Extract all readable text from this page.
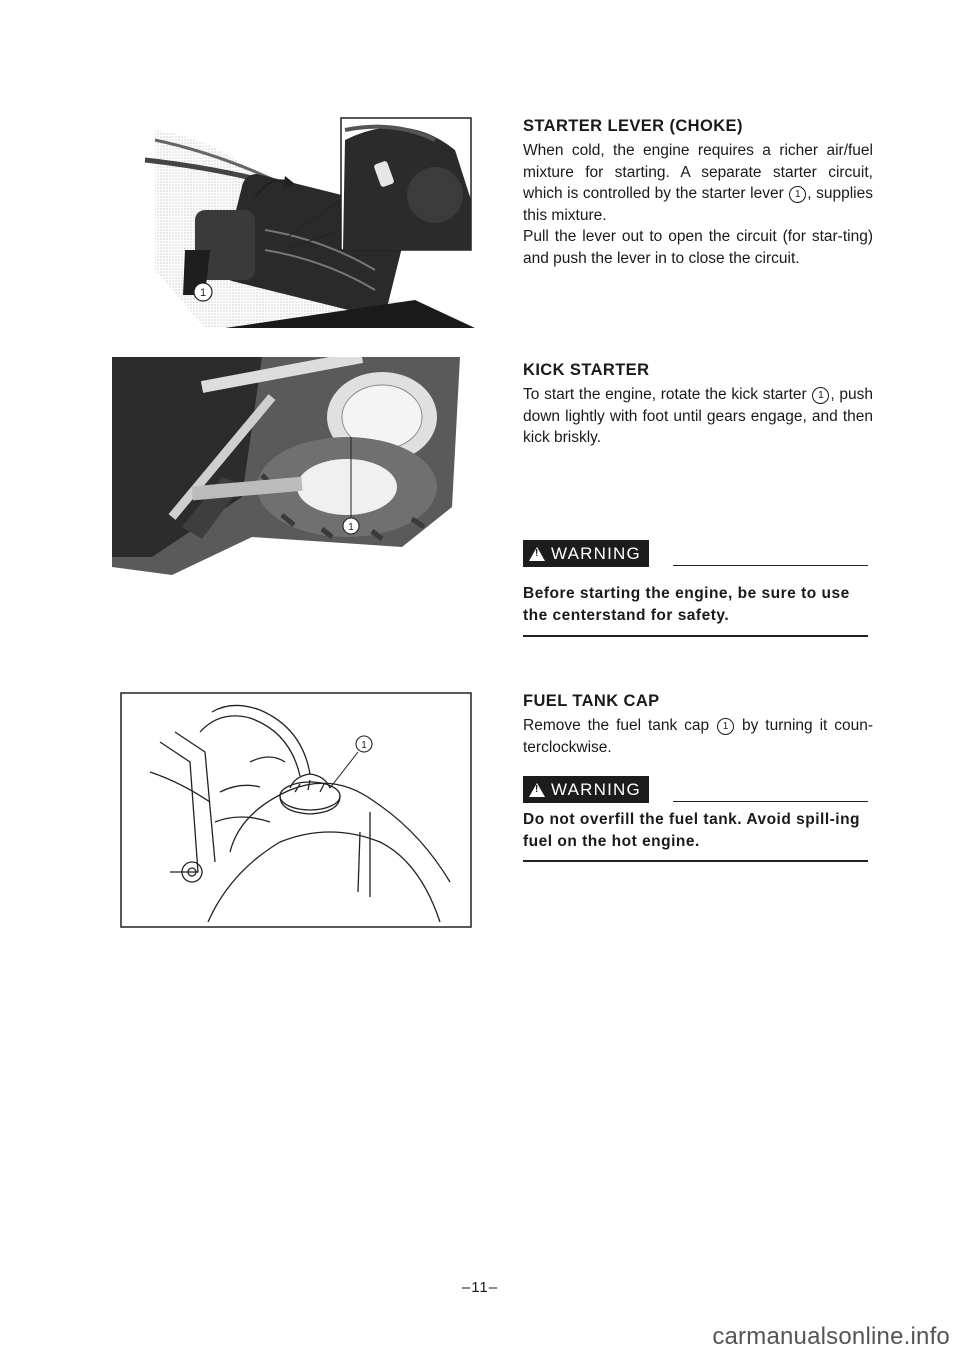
1
1
1
STARTER LEVER (CHOKE)

When cold, the engine requires a richer air/fuel mixture for starting. A separate starter circuit, which is controlled by the starter lever 1 , supplies this mixture.

Pull the lever out to open the circuit (for star-ting) and push the lever in to close the circuit.

KICK STARTER

To start the engine, rotate the kick starter 1 , push down lightly with foot until gears engage, and then kick briskly.

!
WARNING

Before starting the engine, be sure to use the centerstand for safety.

FUEL TANK CAP

Remove the fuel tank cap 1 by turning it coun-terclockwise.

!
WARNING

Do not overfill the fuel tank. Avoid spill-ing fuel on the hot engine.

–11–
carmanualsonline.info
